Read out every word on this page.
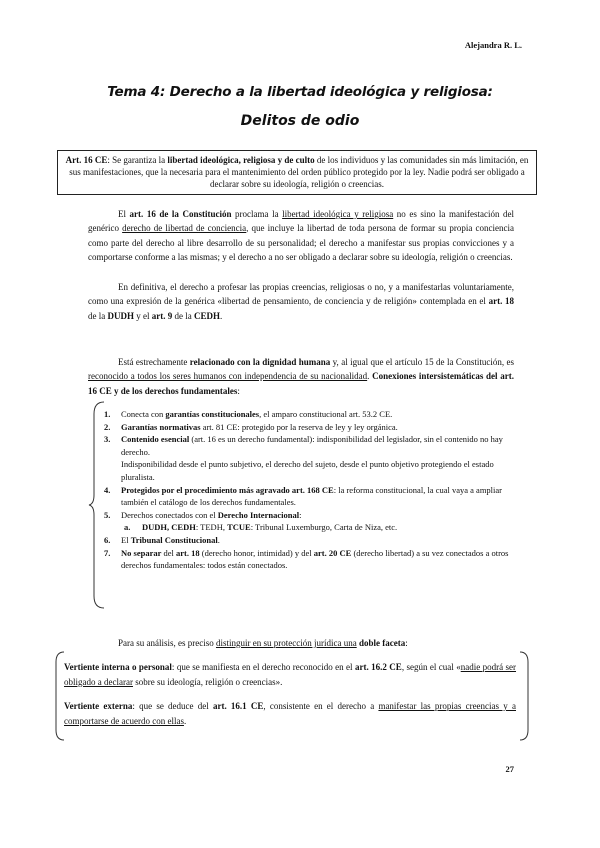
Alejandra R. L.
Tema 4: Derecho a la libertad ideológica y religiosa:
Delitos de odio
Art. 16 CE: Se garantiza la libertad ideológica, religiosa y de culto de los individuos y las comunidades sin más limitación, en sus manifestaciones, que la necesaria para el mantenimiento del orden público protegido por la ley. Nadie podrá ser obligado a declarar sobre su ideología, religión o creencias.
El art. 16 de la Constitución proclama la libertad ideológica y religiosa no es sino la manifestación del genérico derecho de libertad de conciencia, que incluye la libertad de toda persona de formar su propia conciencia como parte del derecho al libre desarrollo de su personalidad; el derecho a manifestar sus propias convicciones y a comportarse conforme a las mismas; y el derecho a no ser obligado a declarar sobre su ideología, religión o creencias.
En definitiva, el derecho a profesar las propias creencias, religiosas o no, y a manifestarlas voluntariamente, como una expresión de la genérica «libertad de pensamiento, de conciencia y de religión» contemplada en el art. 18 de la DUDH y el art. 9 de la CEDH.
Está estrechamente relacionado con la dignidad humana y, al igual que el artículo 15 de la Constitución, es reconocido a todos los seres humanos con independencia de su nacionalidad. Conexiones intersistemáticas del art. 16 CE y de los derechos fundamentales:
1. Conecta con garantías constitucionales, el amparo constitucional art. 53.2 CE.
2. Garantías normativas art. 81 CE: protegido por la reserva de ley y ley orgánica.
3. Contenido esencial (art. 16 es un derecho fundamental): indisponibilidad del legislador, sin el contenido no hay derecho.
Indisponibilidad desde el punto subjetivo, el derecho del sujeto, desde el punto objetivo protegiendo el estado pluralista.
4. Protegidos por el procedimiento más agravado art. 168 CE: la reforma constitucional, la cual vaya a ampliar también el catálogo de los derechos fundamentales.
5. Derechos conectados con el Derecho Internacional:
a. DUDH, CEDH: TEDH, TCUE: Tribunal Luxemburgo, Carta de Niza, etc.
6. El Tribunal Constitucional.
7. No separar del art. 18 (derecho honor, intimidad) y del art. 20 CE (derecho libertad) a su vez conectados a otros derechos fundamentales: todos están conectados.
Para su análisis, es preciso distinguir en su protección jurídica una doble faceta:
Vertiente interna o personal: que se manifiesta en el derecho reconocido en el art. 16.2 CE, según el cual «nadie podrá ser obligado a declarar sobre su ideología, religión o creencias».
Vertiente externa: que se deduce del art. 16.1 CE, consistente en el derecho a manifestar las propias creencias y a comportarse de acuerdo con ellas.
27
